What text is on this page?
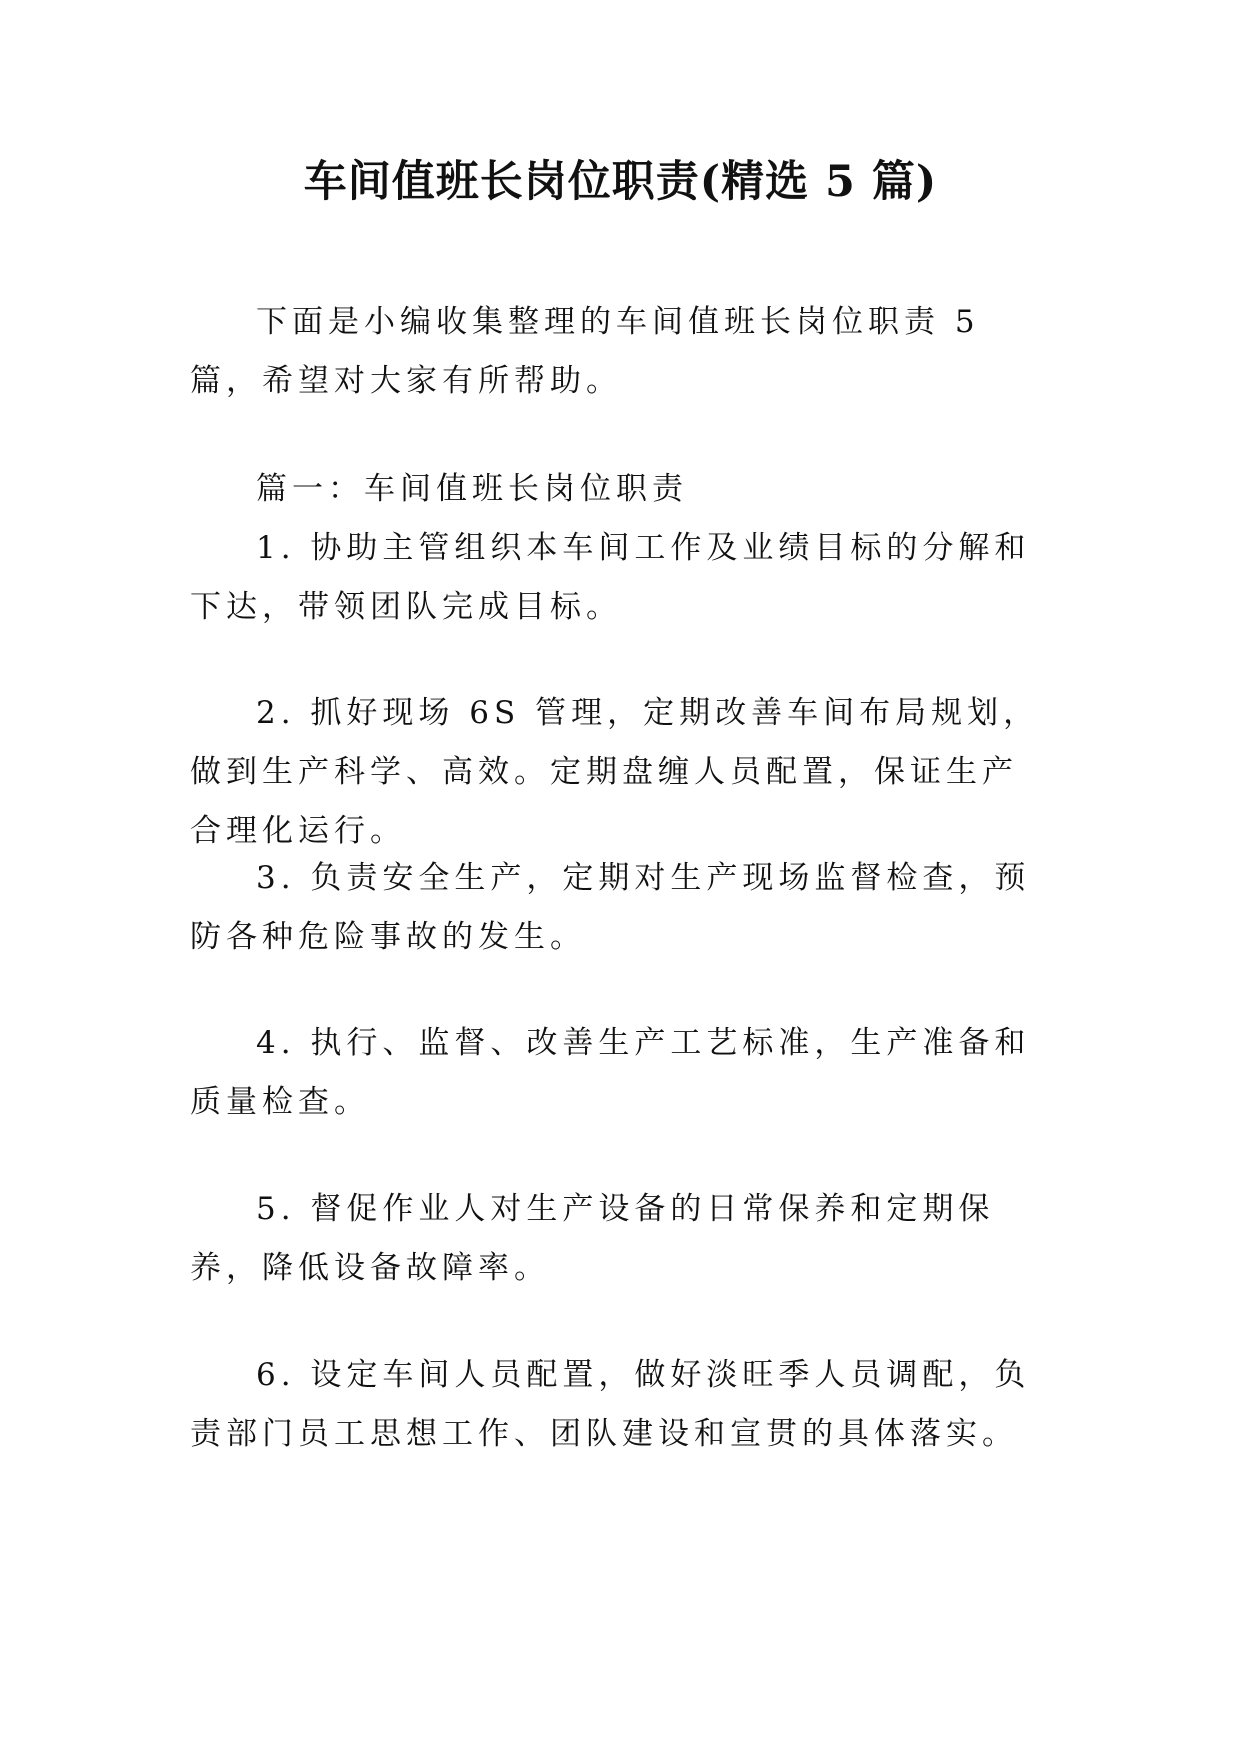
车间值班长岗位职责(精选 5 篇)

下面是小编收集整理的车间值班长岗位职责 5 篇，希望对大家有所帮助。

篇一：车间值班长岗位职责

1. 协助主管组织本车间工作及业绩目标的分解和下达，带领团队完成目标。

2. 抓好现场 6S 管理，定期改善车间布局规划，做到生产科学、高效。定期盘缠人员配置，保证生产合理化运行。

3. 负责安全生产，定期对生产现场监督检查，预防各种危险事故的发生。

4. 执行、监督、改善生产工艺标准，生产准备和质量检查。

5. 督促作业人对生产设备的日常保养和定期保养，降低设备故障率。

6. 设定车间人员配置，做好淡旺季人员调配，负责部门员工思想工作、团队建设和宣贯的具体落实。
